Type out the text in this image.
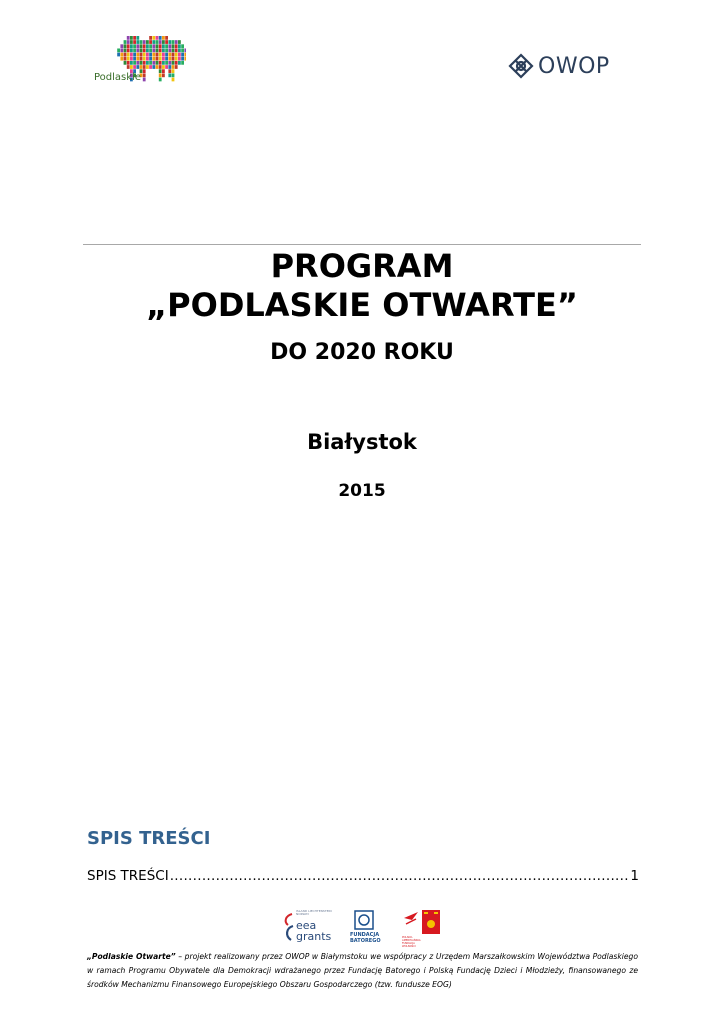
Podlaskie	OWOP
PROGRAM
„PODLASKIE OTWARTE”
DO 2020 ROKU
Białystok
2015
SPIS TREŚCI
SPIS TREŚCI
.....	1
ISLAND LIECHTENSTEIN NORWAY
eea grants	FUNDACJA BATOREGO
POLSKO-AMERYKAŃSKA FUNDACJA WOLNOŚCI
„Podlaskie Otwarte” – projekt realizowany przez OWOP w Białymstoku we współpracy z Urzędem Marszałkowskim Województwa Podlaskiego w ramach Programu Obywatele dla Demokracji wdrażanego przez Fundację Batorego i Polską Fundację Dzieci i Młodzieży, finansowanego ze środków Mechanizmu Finansowego Europejskiego Obszaru Gospodarczego (tzw. fundusze EOG)
